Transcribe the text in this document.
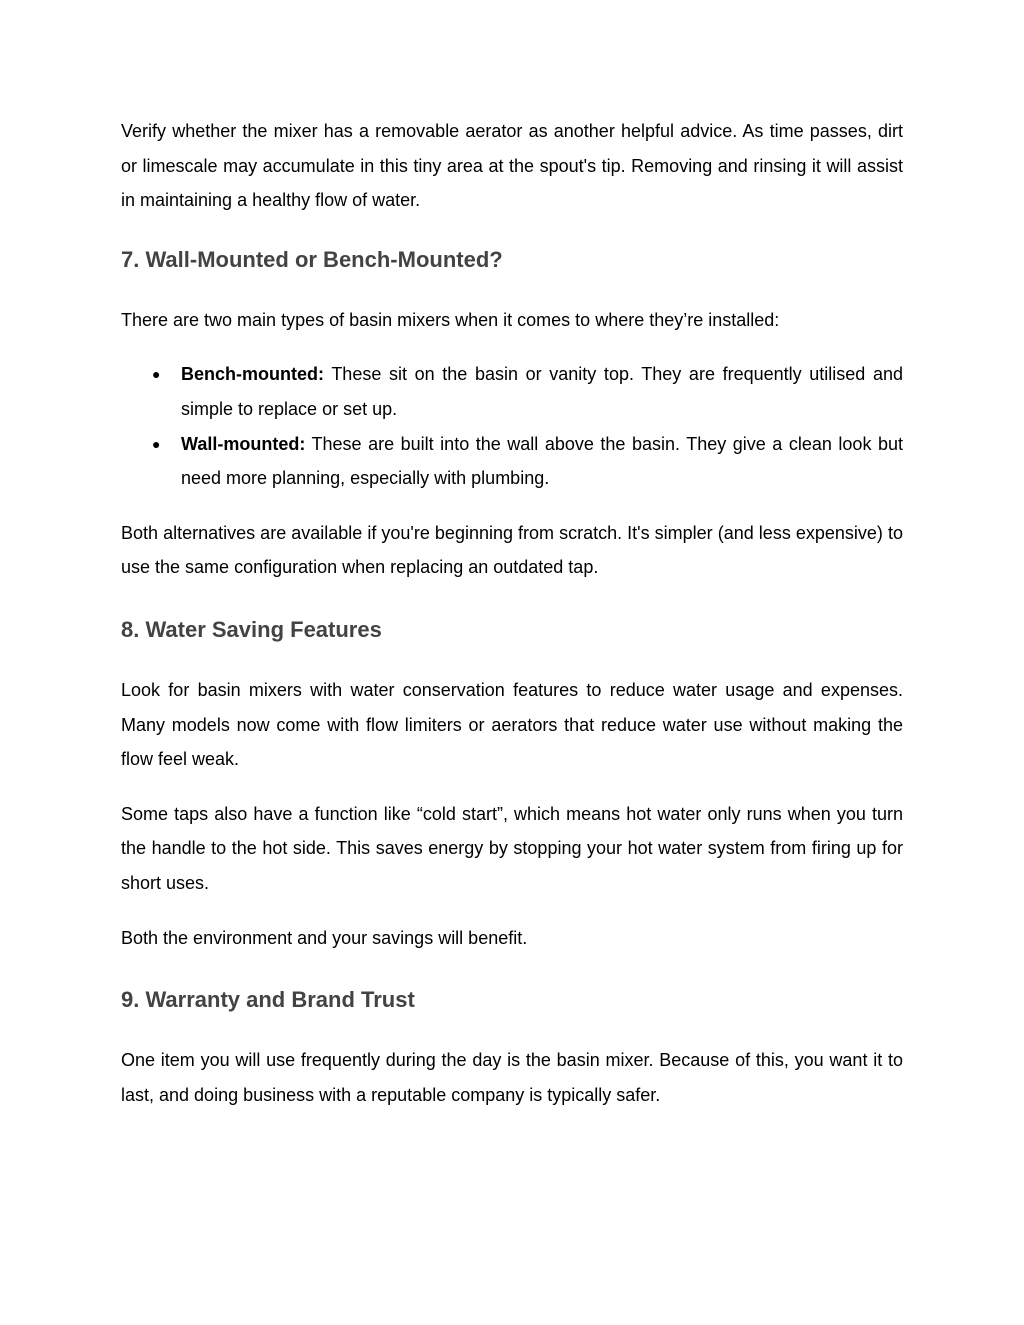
Verify whether the mixer has a removable aerator as another helpful advice. As time passes, dirt or limescale may accumulate in this tiny area at the spout's tip. Removing and rinsing it will assist in maintaining a healthy flow of water.

7. Wall-Mounted or Bench-Mounted?

There are two main types of basin mixers when it comes to where they’re installed:

● Bench-mounted: These sit on the basin or vanity top. They are frequently utilised and simple to replace or set up.
● Wall-mounted: These are built into the wall above the basin. They give a clean look but need more planning, especially with plumbing.

Both alternatives are available if you're beginning from scratch. It's simpler (and less expensive) to use the same configuration when replacing an outdated tap.

8. Water Saving Features

Look for basin mixers with water conservation features to reduce water usage and expenses. Many models now come with flow limiters or aerators that reduce water use without making the flow feel weak.

Some taps also have a function like “cold start”, which means hot water only runs when you turn the handle to the hot side. This saves energy by stopping your hot water system from firing up for short uses.

Both the environment and your savings will benefit.

9. Warranty and Brand Trust

One item you will use frequently during the day is the basin mixer. Because of this, you want it to last, and doing business with a reputable company is typically safer.
